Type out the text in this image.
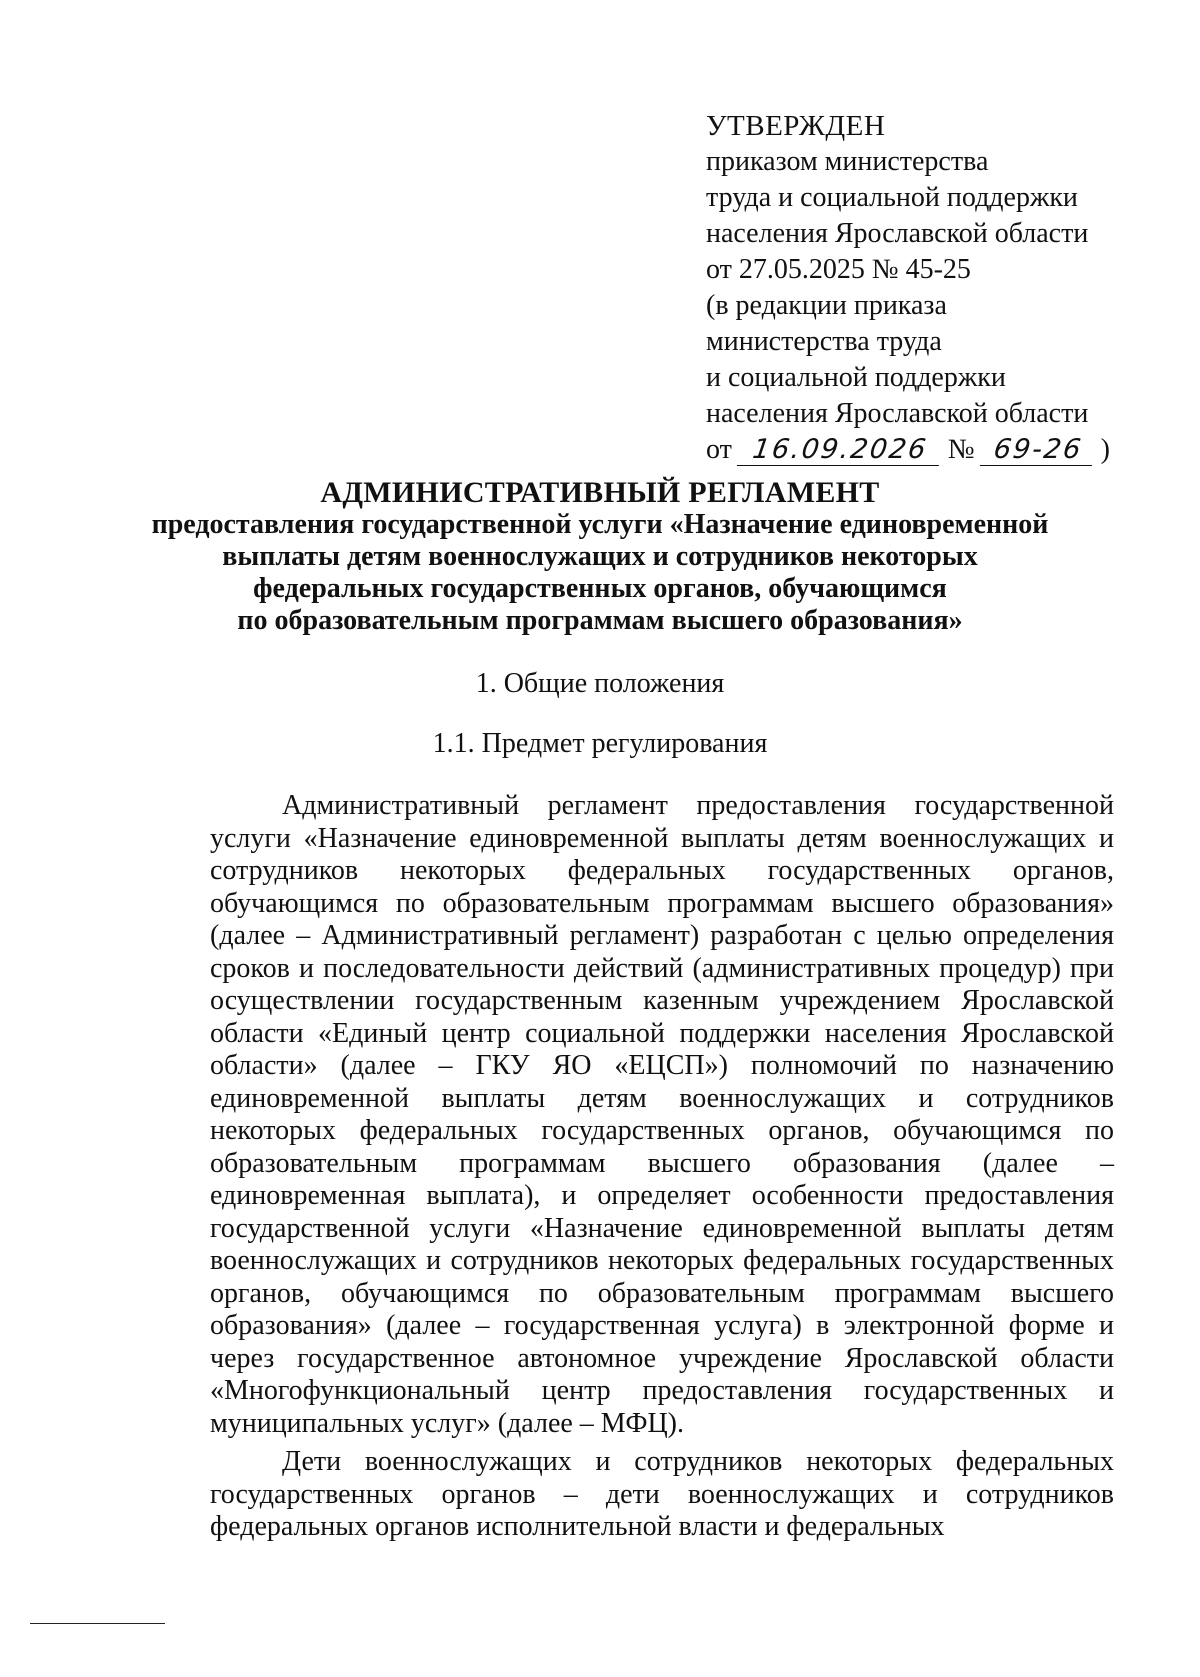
УТВЕРЖДЕН
приказом министерства
труда и социальной поддержки
населения Ярославской области
от 27.05.2025 № 45-25
(в редакции приказа
министерства труда
и социальной поддержки
населения Ярославской области
от 16.09.2026 № 69-26 )
АДМИНИСТРАТИВНЫЙ РЕГЛАМЕНТ
предоставления государственной услуги «Назначение единовременной
выплаты детям военнослужащих и сотрудников некоторых
федеральных государственных органов, обучающимся
по образовательным программам высшего образования»
1. Общие положения
1.1. Предмет регулирования

Административный регламент предоставления государственной услуги «Назначение единовременной выплаты детям военнослужащих и сотрудников некоторых федеральных государственных органов, обучающимся по образовательным программам высшего образования» (далее – Административный регламент) разработан с целью определения сроков и последовательности действий (административных процедур) при осуществлении государственным казенным учреждением Ярославской области «Единый центр социальной поддержки населения Ярославской области» (далее – ГКУ ЯО «ЕЦСП») полномочий по назначению единовременной выплаты детям военнослужащих и сотрудников некоторых федеральных государственных органов, обучающимся по образовательным программам высшего образования (далее – единовременная выплата), и определяет особенности предоставления государственной услуги «Назначение единовременной выплаты детям военнослужащих и сотрудников некоторых федеральных государственных органов, обучающимся по образовательным программам высшего образования» (далее – государственная услуга) в электронной форме и через государственное автономное учреждение Ярославской области «Многофункциональный центр предоставления государственных и муниципальных услуг» (далее – МФЦ).

Дети военнослужащих и сотрудников некоторых федеральных государственных органов – дети военнослужащих и сотрудников федеральных органов исполнительной власти и федеральных
